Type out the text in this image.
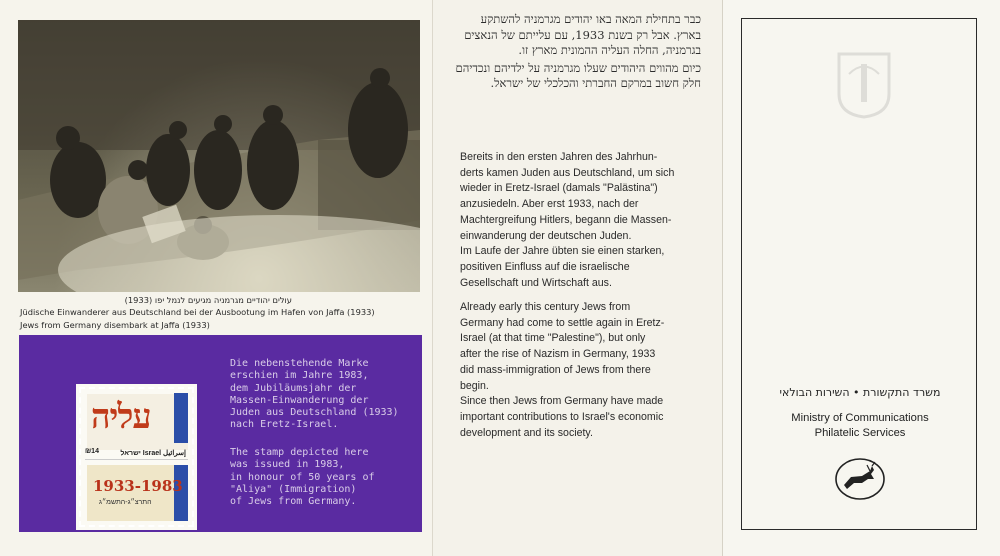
עולים יהודיים מגרמניה מגיעים לנמל יפו (1933)
Jüdische Einwanderer aus Deutschland bei der Ausbootung im Hafen von Jaffa (1933)
Jews from Germany disembark at Jaffa (1933)
עליה
₪14	ישראל Israel إسرائيل
1933-1983
התרצ״ג-התשמ״ג
Die nebenstehende Marke
erschien im Jahre 1983,
dem Jubiläumsjahr der
Massen-Einwanderung der
Juden aus Deutschland (1933)
nach Eretz-Israel.
The stamp depicted here
was issued in 1983,
in honour of 50 years of
"Aliya" (Immigration)
of Jews from Germany.

כבר בתחילת המאה באו יהודים מגרמניה להשתקע בארץ. אבל רק בשנת 1933, עם עלייתם של הנאצים בגרמניה, החלה העליה ההמונית מארץ זו.

כיום מהווים היהודים שעלו מגרמניה על ילדיהם ונכדיהם חלק חשוב במרקם החברתי והכלכלי של ישראל.

Bereits in den ersten Jahren des Jahrhun-
derts kamen Juden aus Deutschland, um sich
wieder in Eretz-Israel (damals "Palästina")
anzusiedeln. Aber erst 1933, nach der
Machtergreifung Hitlers, begann die Massen-
einwanderung der deutschen Juden.
Im Laufe der Jahre übten sie einen starken,
positiven Einfluss auf die israelische
Gesellschaft und Wirtschaft aus.
Already early this century Jews from
Germany had come to settle again in Eretz-
Israel (at that time "Palestine"), but only
after the rise of Nazism in Germany, 1933
did mass-immigration of Jews from there
begin.
Since then Jews from Germany have made
important contributions to Israel's economic
development and its society.
משרד התקשורת • השירות הבולאי
Ministry of Communications
Philatelic Services
